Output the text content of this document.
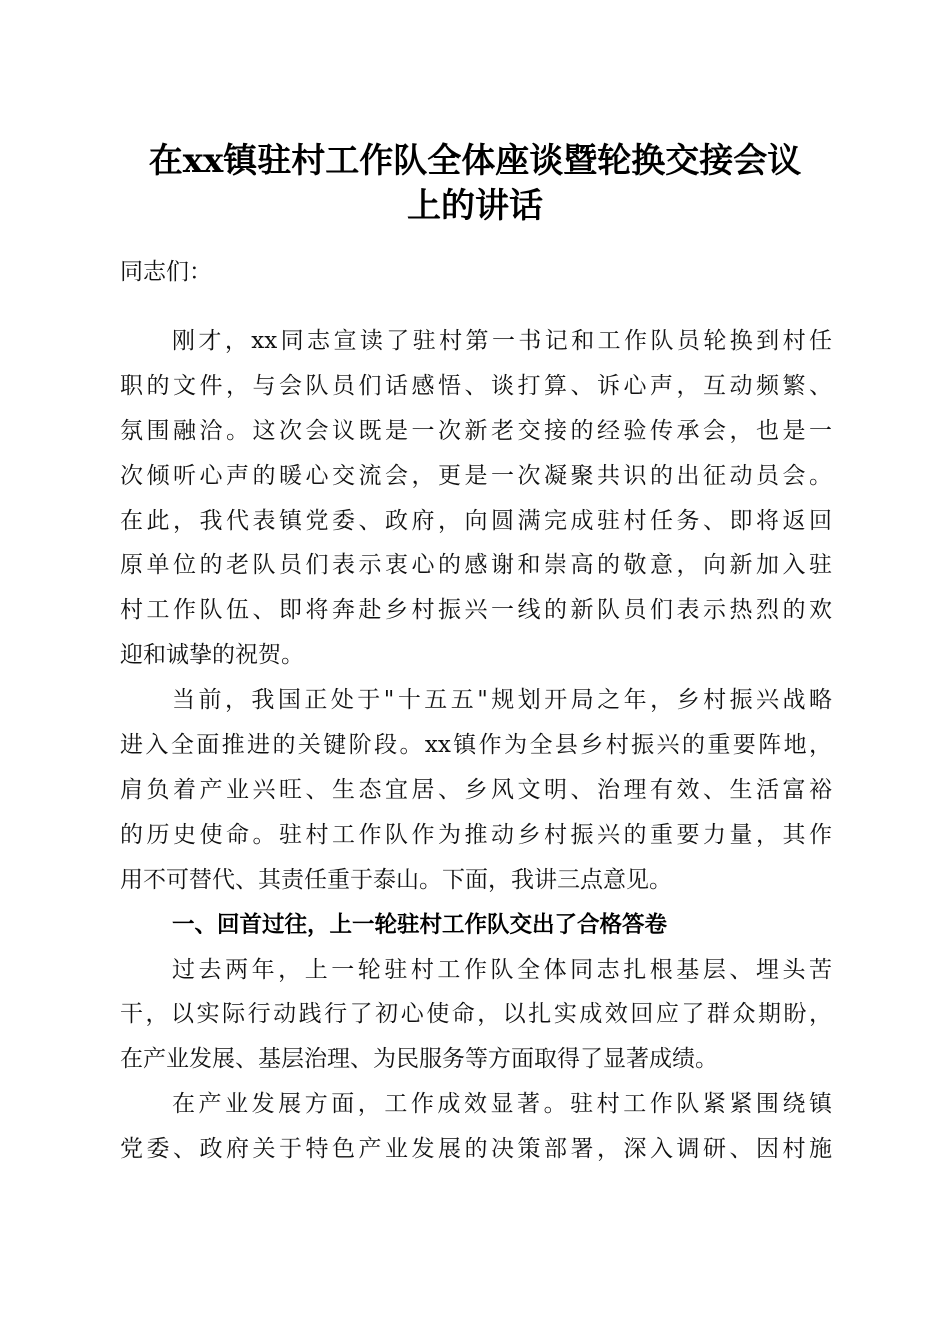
在xx镇驻村工作队全体座谈暨轮换交接会议
上的讲话
同志们：
刚才，xx同志宣读了驻村第一书记和工作队员轮换到村任
职的文件，与会队员们话感悟、谈打算、诉心声，互动频繁、
氛围融洽。这次会议既是一次新老交接的经验传承会，也是一
次倾听心声的暖心交流会，更是一次凝聚共识的出征动员会。
在此，我代表镇党委、政府，向圆满完成驻村任务、即将返回
原单位的老队员们表示衷心的感谢和崇高的敬意，向新加入驻
村工作队伍、即将奔赴乡村振兴一线的新队员们表示热烈的欢
迎和诚挚的祝贺。
当前，我国正处于"十五五"规划开局之年，乡村振兴战略
进入全面推进的关键阶段。xx镇作为全县乡村振兴的重要阵地，
肩负着产业兴旺、生态宜居、乡风文明、治理有效、生活富裕
的历史使命。驻村工作队作为推动乡村振兴的重要力量，其作
用不可替代、其责任重于泰山。下面，我讲三点意见。
一、回首过往，上一轮驻村工作队交出了合格答卷
过去两年，上一轮驻村工作队全体同志扎根基层、埋头苦
干，以实际行动践行了初心使命，以扎实成效回应了群众期盼，
在产业发展、基层治理、为民服务等方面取得了显著成绩。
在产业发展方面，工作成效显著。驻村工作队紧紧围绕镇
党委、政府关于特色产业发展的决策部署，深入调研、因村施
